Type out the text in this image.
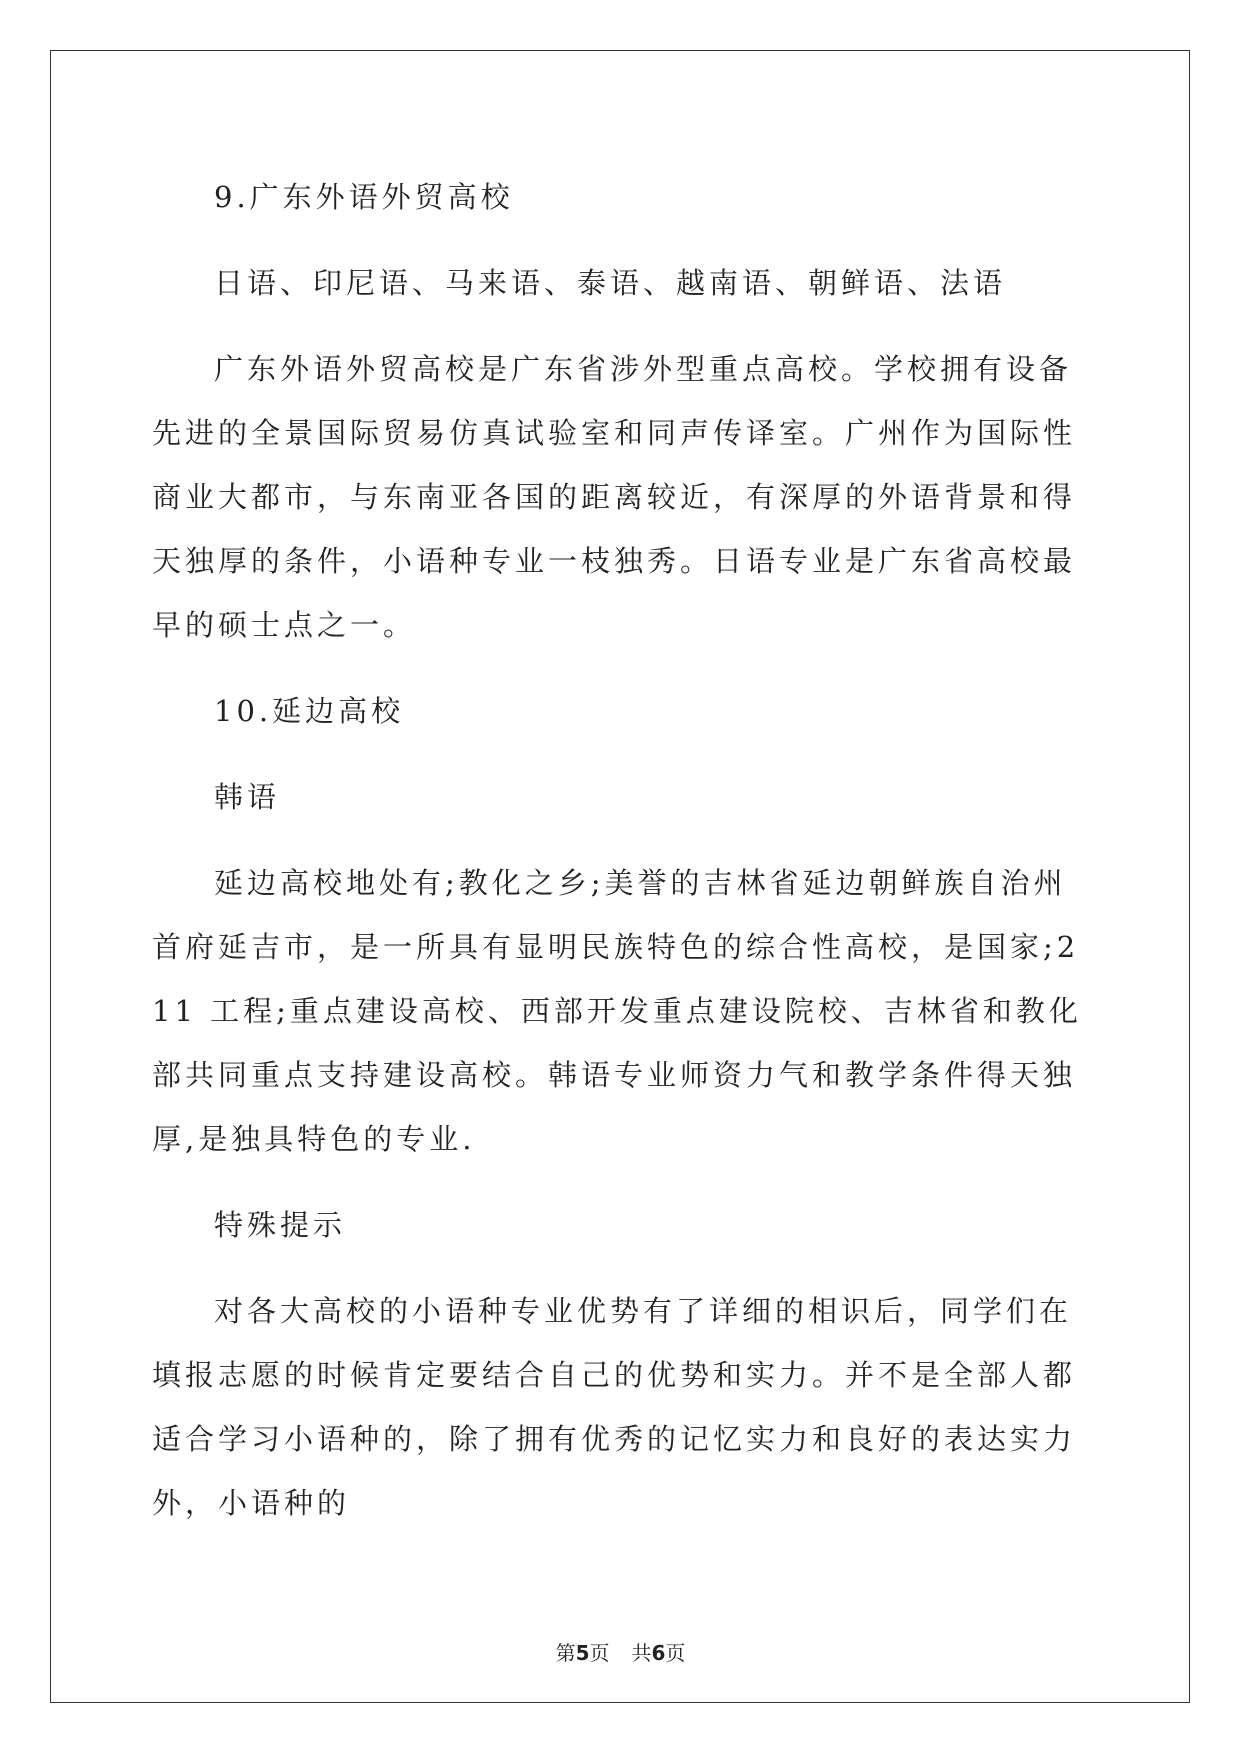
9.广东外语外贸高校

日语、印尼语、马来语、泰语、越南语、朝鲜语、法语

广东外语外贸高校是广东省涉外型重点高校。学校拥有设备先进的全景国际贸易仿真试验室和同声传译室。广州作为国际性商业大都市，与东南亚各国的距离较近，有深厚的外语背景和得天独厚的条件，小语种专业一枝独秀。日语专业是广东省高校最早的硕士点之一。

10.延边高校

韩语

延边高校地处有;教化之乡;美誉的吉林省延边朝鲜族自治州首府延吉市，是一所具有显明民族特色的综合性高校，是国家;211 工程;重点建设高校、西部开发重点建设院校、吉林省和教化部共同重点支持建设高校。韩语专业师资力气和教学条件得天独厚,是独具特色的专业.

特殊提示

对各大高校的小语种专业优势有了详细的相识后，同学们在填报志愿的时候肯定要结合自己的优势和实力。并不是全部人都适合学习小语种的，除了拥有优秀的记忆实力和良好的表达实力外，小语种的

第5页 共6页
